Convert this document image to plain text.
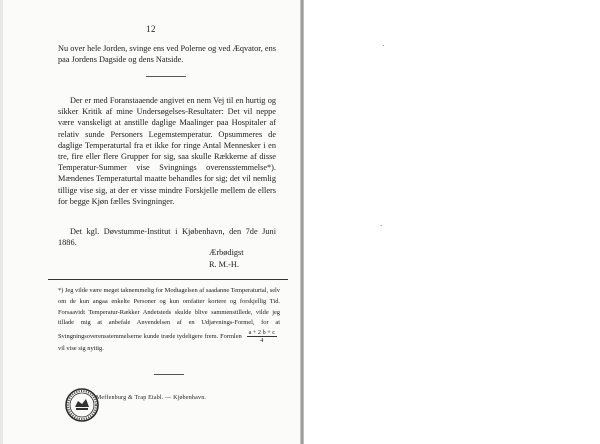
12
Nu over hele Jorden, svinge ens ved Polerne og ved Æqvator, ens paa Jordens Dagside og dens Natside.
Der er med Foranstaaende angivet en nem Vej til en hurtig og sikker Kritik af mine Undersøgelses-Resultater: Det vil neppe være vanskeligt at anstille daglige Maalinger paa Hospitaler af relativ sunde Personers Legemstemperatur. Opsummeres de daglige Temperaturtal fra et ikke for ringe Antal Mennesker i en tre, fire eller flere Grupper for sig, saa skulle Rækkerne af disse Temperatur-Summer vise Svingnings overensstemmelse*). Mændenes Temperaturtal maatte behandles for sig; det vil nemlig tillige vise sig, at der er visse mindre Forskjelle mellem de ellers for begge Kjøn fælles Svingninger.
Det kgl. Døvstumme-Institut i Kjøbenhavn, den 7de Juni 1886.
Ærbødigst
R. M.-H.
*) Jeg vilde være meget taknemmelig for Modtagelsen af saadanne Temperaturtal, selv om de kun angaa enkelte Personer og kun omfatter kortere og forskjellig Tid. Forsaavidt Temperatur-Rækker Andetsteds skulde blive sammenstillede, vilde jeg tillade mig at anbefale Anvendelsen af en Udjævnings-Formel, for at Svingningsoverensstemmelserne kunde træde tydeligere frem. Formlen $\frac{a + 2 b + c}{4}$
vil vise sig nyttig.
Meffenburg & Trap Etabl. — Kjøbenhavn.
·
·
